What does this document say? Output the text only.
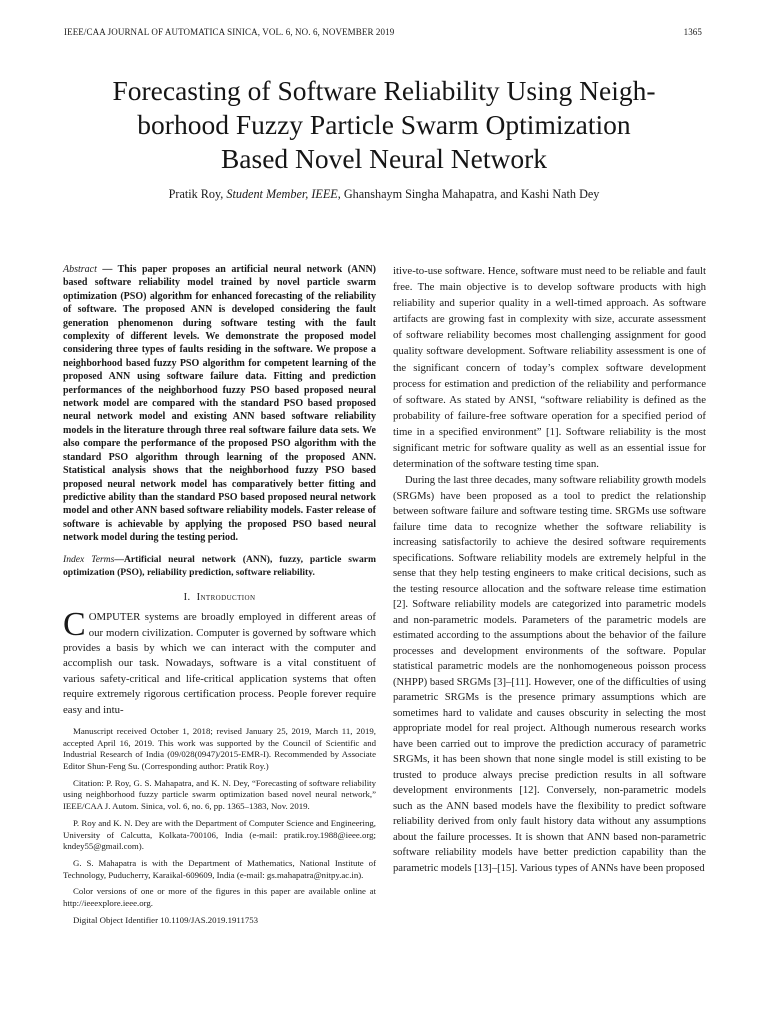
IEEE/CAA JOURNAL OF AUTOMATICA SINICA, VOL. 6, NO. 6, NOVEMBER 2019	1365
Forecasting of Software Reliability Using Neigh-
borhood Fuzzy Particle Swarm Optimization
Based Novel Neural Network
Pratik Roy, Student Member, IEEE, Ghanshaym Singha Mahapatra, and Kashi Nath Dey

Abstract — This paper proposes an artificial neural network (ANN) based software reliability model trained by novel particle swarm optimization (PSO) algorithm for enhanced forecasting of the reliability of software. The proposed ANN is developed considering the fault generation phenomenon during software testing with the fault complexity of different levels. We demonstrate the proposed model considering three types of faults residing in the software. We propose a neighborhood based fuzzy PSO algorithm for competent learning of the proposed ANN using software failure data. Fitting and prediction performances of the neighborhood fuzzy PSO based proposed neural network model are compared with the standard PSO based proposed neural network model and existing ANN based software reliability models in the literature through three real software failure data sets. We also compare the performance of the proposed PSO algorithm with the standard PSO algorithm through learning of the proposed ANN. Statistical analysis shows that the neighborhood fuzzy PSO based proposed neural network model has comparatively better fitting and predictive ability than the standard PSO based proposed neural network model and other ANN based software reliability models. Faster release of software is achievable by applying the proposed PSO based neural network model during the testing period.

Index Terms—Artificial neural network (ANN), fuzzy, particle swarm optimization (PSO), reliability prediction, software reliability.

I. Introduction

COMPUTER systems are broadly employed in different areas of our modern civilization. Computer is governed by software which provides a basis by which we can interact with the computer and accomplish our task. Nowadays, software is a vital constituent of various safety-critical and life-critical application systems that often require extremely rigorous certification process. People forever require easy and intu-

Manuscript received October 1, 2018; revised January 25, 2019, March 11, 2019, accepted April 16, 2019. This work was supported by the Council of Scientific and Industrial Research of India (09/028(0947)/2015-EMR-I). Recommended by Associate Editor Shun-Feng Su. (Corresponding author: Pratik Roy.)

Citation: P. Roy, G. S. Mahapatra, and K. N. Dey, “Forecasting of software reliability using neighborhood fuzzy particle swarm optimization based novel neural network,” IEEE/CAA J. Autom. Sinica, vol. 6, no. 6, pp. 1365–1383, Nov. 2019.

P. Roy and K. N. Dey are with the Department of Computer Science and Engineering, University of Calcutta, Kolkata-700106, India (e-mail: pratik.roy.1988@ieee.org; kndey55@gmail.com).

G. S. Mahapatra is with the Department of Mathematics, National Institute of Technology, Puducherry, Karaikal-609609, India (e-mail: gs.mahapatra@nitpy.ac.in).

Color versions of one or more of the figures in this paper are available online at http://ieeexplore.ieee.org.

Digital Object Identifier 10.1109/JAS.2019.1911753

itive-to-use software. Hence, software must need to be reliable and fault free. The main objective is to develop software products with high reliability and superior quality in a well-timed approach. As software artifacts are growing fast in complexity with size, accurate assessment of software reliability becomes most challenging assignment for good quality software development. Software reliability assessment is one of the significant concern of today’s complex software development process for estimation and prediction of the reliability and performance of software. As stated by ANSI, “software reliability is defined as the probability of failure-free software operation for a specified period of time in a specified environment” [1]. Software reliability is the most significant metric for software quality as well as an essential issue for determination of the software testing time span.

During the last three decades, many software reliability growth models (SRGMs) have been proposed as a tool to predict the relationship between software failure and software testing time. SRGMs use software failure time data to recognize whether the software reliability is increasing satisfactorily to achieve the desired software requirements specifications. Software reliability models are extremely helpful in the sense that they help testing engineers to make critical decisions, such as the testing resource allocation and the software release time estimation [2]. Software reliability models are categorized into parametric models and non-parametric models. Parameters of the parametric models are estimated according to the assumptions about the behavior of the failure processes and development environments of the software. Popular statistical parametric models are the nonhomogeneous poisson process (NHPP) based SRGMs [3]–[11]. However, one of the difficulties of using parametric SRGMs is the presence primary assumptions which are sometimes hard to validate and causes obscurity in selecting the most appropriate model for real project. Although numerous research works have been carried out to improve the prediction accuracy of parametric SRGMs, it has been shown that none single model is still existing to be trusted to produce always precise prediction results in all software development environments [12]. Conversely, non-parametric models such as the ANN based models have the flexibility to predict software reliability derived from only fault history data without any assumptions about the failure processes. It is shown that ANN based non-parametric software reliability models have better prediction capability than the parametric models [13]–[15]. Various types of ANNs have been proposed
